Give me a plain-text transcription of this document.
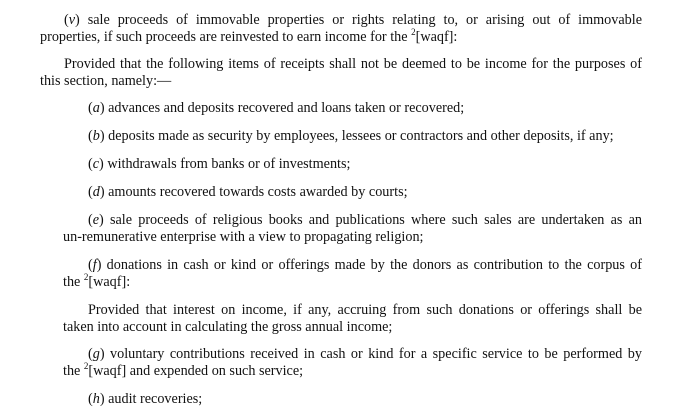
(v) sale proceeds of immovable properties or rights relating to, or arising out of immovable
properties, if such proceeds are reinvested to earn income for the $^2$[waqf]:
Provided that the following items of receipts shall not be deemed to be income for the purposes of
this section, namely:—
(a) advances and deposits recovered and loans taken or recovered;
(b) deposits made as security by employees, lessees or contractors and other deposits, if any;
(c) withdrawals from banks or of investments;
(d) amounts recovered towards costs awarded by courts;
(e) sale proceeds of religious books and publications where such sales are undertaken as an
un-remunerative enterprise with a view to propagating religion;
(f) donations in cash or kind or offerings made by the donors as contribution to the corpus of
the $^2$[waqf]:
Provided that interest on income, if any, accruing from such donations or offerings shall be
taken into account in calculating the gross annual income;
(g) voluntary contributions received in cash or kind for a specific service to be performed by
the $^2$[waqf] and expended on such service;
(h) audit recoveries;
